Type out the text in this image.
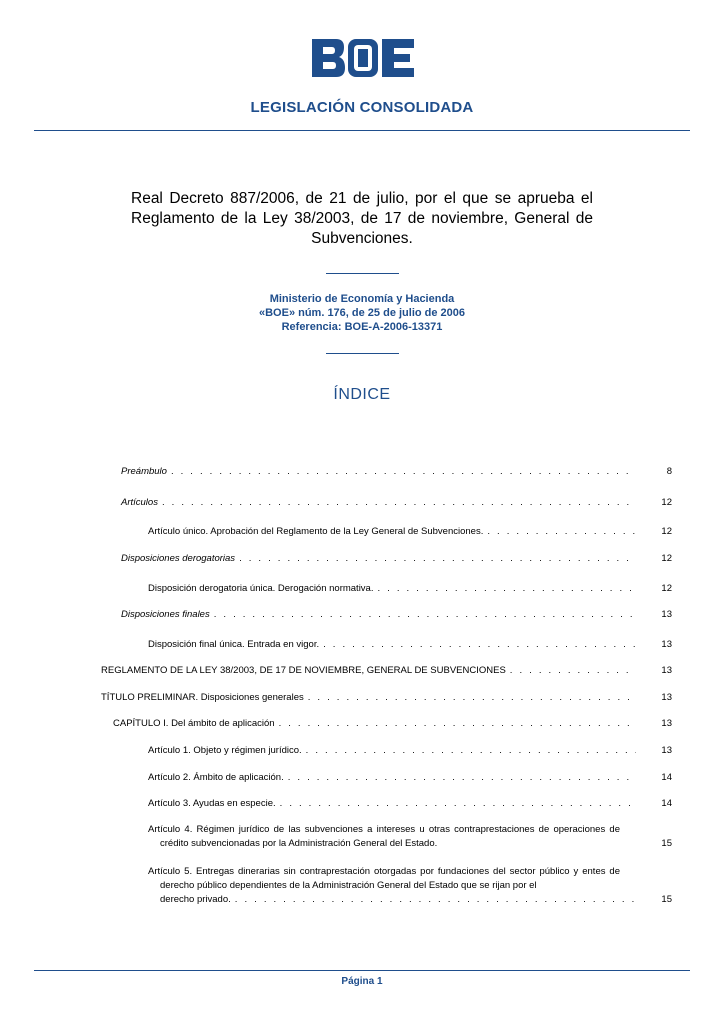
LEGISLACIÓN CONSOLIDADA
Real Decreto 887/2006, de 21 de julio, por el que se aprueba el Reglamento de la Ley 38/2003, de 17 de noviembre, General de Subvenciones.
Ministerio de Economía y Hacienda
«BOE» núm. 176, de 25 de julio de 2006
Referencia: BOE-A-2006-13371
ÍNDICE
Preámbulo . . .	8
Artículos . . .	12
Artículo único. Aprobación del Reglamento de la Ley General de Subvenciones. . . .	12
Disposiciones derogatorias . . .	12
Disposición derogatoria única. Derogación normativa. . . .	12
Disposiciones finales . . .	13
Disposición final única. Entrada en vigor. . . .	13
REGLAMENTO DE LA LEY 38/2003, DE 17 DE NOVIEMBRE, GENERAL DE SUBVENCIONES . . .	13
TÍTULO PRELIMINAR. Disposiciones generales . . .	13
CAPÍTULO I. Del ámbito de aplicación . . .	13
Artículo 1. Objeto y régimen jurídico. . . .	13
Artículo 2. Ámbito de aplicación. . . .	14
Artículo 3. Ayudas en especie. . . .	14
Artículo 4. Régimen jurídico de las subvenciones a intereses u otras contraprestaciones de operaciones de crédito subvencionadas por la Administración General del Estado.	15
Artículo 5. Entregas dinerarias sin contraprestación otorgadas por fundaciones del sector público y entes de derecho público dependientes de la Administración General del Estado que se rijan por el
derecho privado. . . .	15
Página 1
